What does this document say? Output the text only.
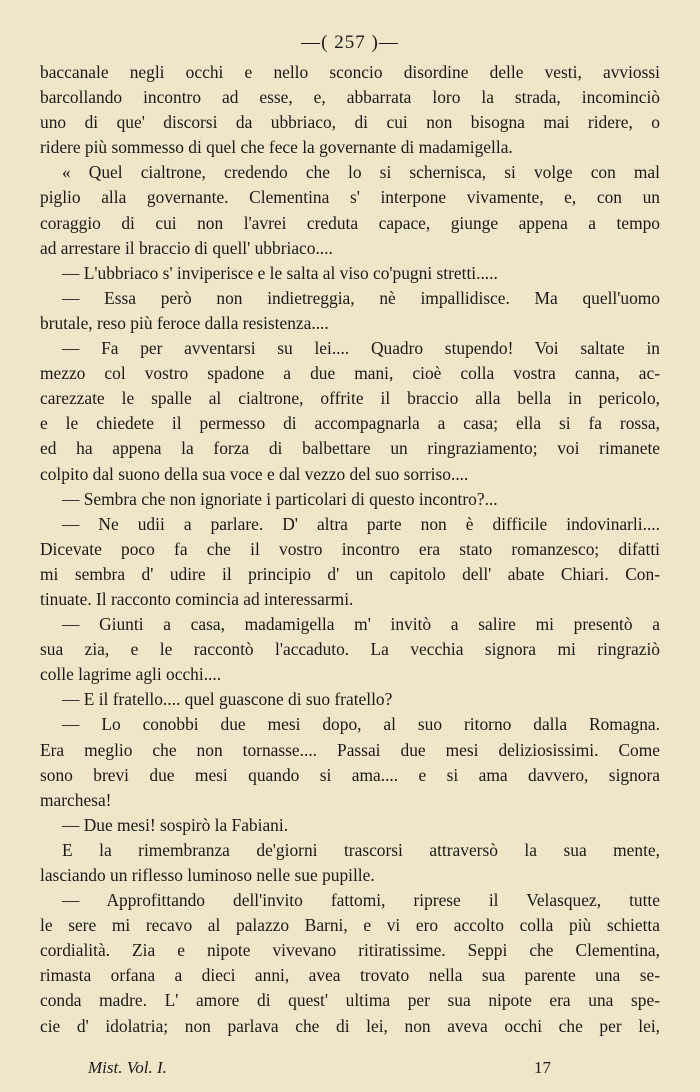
—( 257 )—
baccanale negli occhi e nello sconcio disordine delle vesti, avviossi
barcollando incontro ad esse, e, abbarrata loro la strada, incominciò
uno di que' discorsi da ubbriaco, di cui non bisogna mai ridere, o
ridere più sommesso di quel che fece la governante di madamigella.
« Quel cialtrone, credendo che lo si schernisca, si volge con mal
piglio alla governante. Clementina s' interpone vivamente, e, con un
coraggio di cui non l'avrei creduta capace, giunge appena a tempo
ad arrestare il braccio di quell' ubbriaco....
— L'ubbriaco s' inviperisce e le salta al viso co'pugni stretti.....
— Essa però non indietreggia, nè impallidisce. Ma quell'uomo
brutale, reso più feroce dalla resistenza....
— Fa per avventarsi su lei.... Quadro stupendo! Voi saltate in
mezzo col vostro spadone a due mani, cioè colla vostra canna, ac-
carezzate le spalle al cialtrone, offrite il braccio alla bella in pericolo,
e le chiedete il permesso di accompagnarla a casa; ella si fa rossa,
ed ha appena la forza di balbettare un ringraziamento; voi rimanete
colpito dal suono della sua voce e dal vezzo del suo sorriso....
— Sembra che non ignoriate i particolari di questo incontro?...
— Ne udii a parlare. D' altra parte non è difficile indovinarli....
Dicevate poco fa che il vostro incontro era stato romanzesco; difatti
mi sembra d' udire il principio d' un capitolo dell' abate Chiari. Con-
tinuate. Il racconto comincia ad interessarmi.
— Giunti a casa, madamigella m' invitò a salire mi presentò a
sua zia, e le raccontò l'accaduto. La vecchia signora mi ringraziò
colle lagrime agli occhi....
— E il fratello.... quel guascone di suo fratello?
— Lo conobbi due mesi dopo, al suo ritorno dalla Romagna.
Era meglio che non tornasse.... Passai due mesi deliziosissimi. Come
sono brevi due mesi quando si ama.... e si ama davvero, signora
marchesa!
— Due mesi! sospirò la Fabiani.
E la rimembranza de'giorni trascorsi attraversò la sua mente,
lasciando un riflesso luminoso nelle sue pupille.
— Approfittando dell'invito fattomi, riprese il Velasquez, tutte
le sere mi recavo al palazzo Barni, e vi ero accolto colla più schietta
cordialità. Zia e nipote vivevano ritiratissime. Seppi che Clementina,
rimasta orfana a dieci anni, avea trovato nella sua parente una se-
conda madre. L' amore di quest' ultima per sua nipote era una spe-
cie d' idolatria; non parlava che di lei, non aveva occhi che per lei,
Mist. Vol. I.	17
